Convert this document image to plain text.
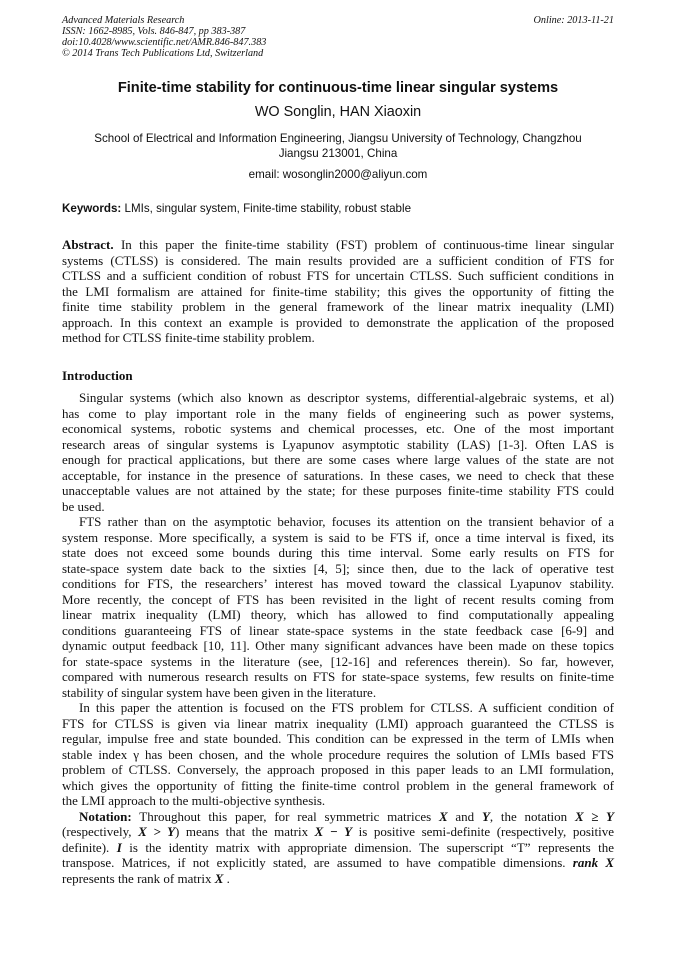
Advanced Materials Research
ISSN: 1662-8985, Vols. 846-847, pp 383-387
doi:10.4028/www.scientific.net/AMR.846-847.383
© 2014 Trans Tech Publications Ltd, Switzerland
Online: 2013-11-21
Finite-time stability for continuous-time linear singular systems
WO Songlin, HAN Xiaoxin
School of Electrical and Information Engineering, Jiangsu University of Technology, Changzhou
Jiangsu 213001, China
email: wosonglin2000@aliyun.com
Keywords: LMIs, singular system, Finite-time stability, robust stable
Abstract. In this paper the finite-time stability (FST) problem of continuous-time linear singular
systems (CTLSS) is considered. The main results provided are a sufficient condition of FTS for
CTLSS and a sufficient condition of robust FTS for uncertain CTLSS. Such sufficient conditions in
the LMI formalism are attained for finite-time stability; this gives the opportunity of fitting the
finite time stability problem in the general framework of the linear matrix inequality (LMI)
approach. In this context an example is provided to demonstrate the application of the proposed
method for CTLSS finite-time stability problem.
Introduction
Singular systems (which also known as descriptor systems, differential-algebraic systems, et al)
has come to play important role in the many fields of engineering such as power systems,
economical systems, robotic systems and chemical processes, etc. One of the most important
research areas of singular systems is Lyapunov asymptotic stability (LAS) [1-3]. Often LAS is
enough for practical applications, but there are some cases where large values of the state are not
acceptable, for instance in the presence of saturations. In these cases, we need to check that these
unacceptable values are not attained by the state; for these purposes finite-time stability FTS could
be used.
FTS rather than on the asymptotic behavior, focuses its attention on the transient behavior of a
system response. More specifically, a system is said to be FTS if, once a time interval is fixed, its
state does not exceed some bounds during this time interval. Some early results on FTS for
state-space system date back to the sixties [4, 5]; since then, due to the lack of operative test
conditions for FTS, the researchers’ interest has moved toward the classical Lyapunov stability.
More recently, the concept of FTS has been revisited in the light of recent results coming from
linear matrix inequality (LMI) theory, which has allowed to find computationally appealing
conditions guaranteeing FTS of linear state-space systems in the state feedback case [6-9] and
dynamic output feedback [10, 11]. Other many significant advances have been made on these topics
for state-space systems in the literature (see, [12-16] and references therein). So far, however,
compared with numerous research results on FTS for state-space systems, few results on finite-time
stability of singular system have been given in the literature.
In this paper the attention is focused on the FTS problem for CTLSS. A sufficient condition of
FTS for CTLSS is given via linear matrix inequality (LMI) approach guaranteed the CTLSS is
regular, impulse free and state bounded. This condition can be expressed in the term of LMIs when
stable index γ has been chosen, and the whole procedure requires the solution of LMIs based FTS
problem of CTLSS. Conversely, the approach proposed in this paper leads to an LMI formulation,
which gives the opportunity of fitting the finite-time control problem in the general framework of
the LMI approach to the multi-objective synthesis.
Notation: Throughout this paper, for real symmetric matrices X and Y, the notation X ≥ Y
(respectively, X > Y) means that the matrix X − Y is positive semi-definite (respectively, positive
definite). I is the identity matrix with appropriate dimension. The superscript “T” represents the
transpose. Matrices, if not explicitly stated, are assumed to have compatible dimensions. rank X
represents the rank of matrix X .
